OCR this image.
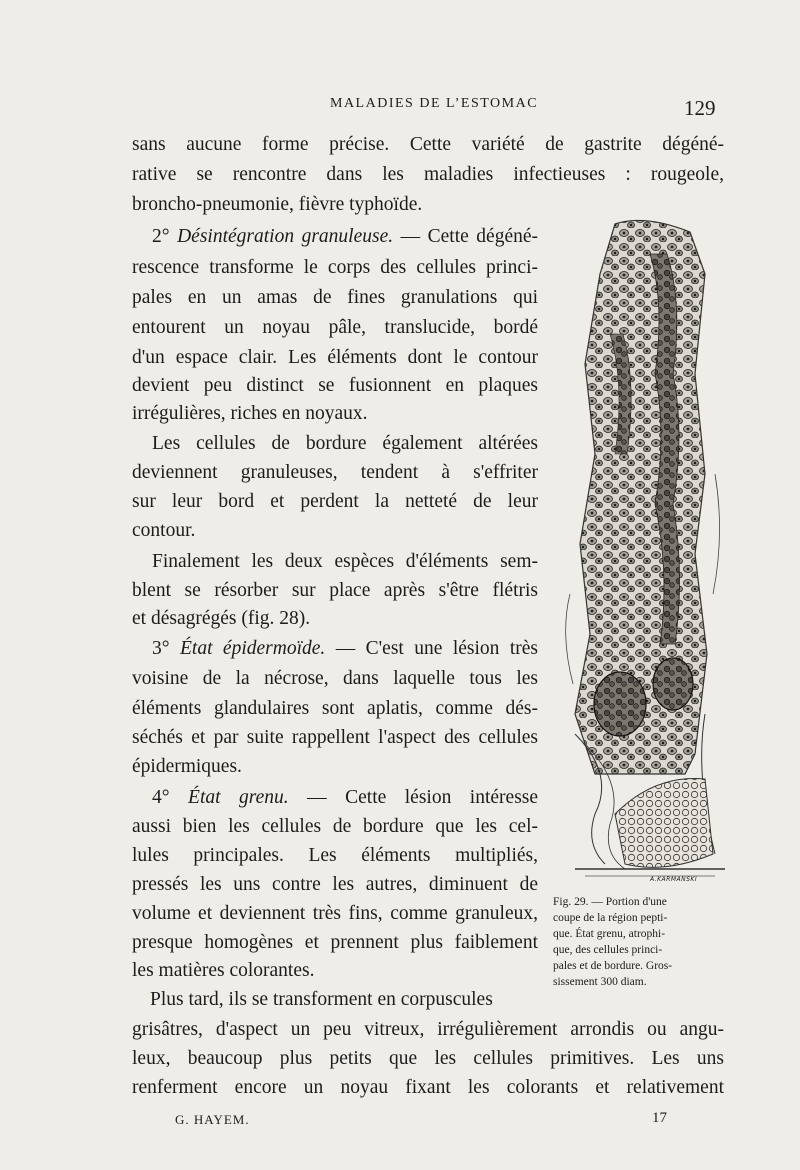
MALADIES DE L’ESTOMAC	129
sans aucune forme précise. Cette variété de gastrite dégéné-
rative se rencontre dans les maladies infectieuses : rougeole,
broncho-pneumonie, fièvre typhoïde.
2° Désintégration granuleuse. — Cette dégéné-
rescence transforme le corps des cellules princi-
pales en un amas de fines granulations qui
entourent un noyau pâle, translucide, bordé
d'un espace clair. Les éléments dont le contour
devient peu distinct se fusionnent en plaques
irrégulières, riches en noyaux.
Les cellules de bordure également altérées
deviennent granuleuses, tendent à s'effriter
sur leur bord et perdent la netteté de leur
contour.
Finalement les deux espèces d'éléments sem-
blent se résorber sur place après s'être flétris
et désagrégés (fig. 28).
3° État épidermoïde. — C'est une lésion très
voisine de la nécrose, dans laquelle tous les
éléments glandulaires sont aplatis, comme dés-
séchés et par suite rappellent l'aspect des cellules
épidermiques.
4° État grenu. — Cette lésion intéresse
aussi bien les cellules de bordure que les cel-
lules principales. Les éléments multipliés,
pressés les uns contre les autres, diminuent de
volume et deviennent très fins, comme granuleux,
presque homogènes et prennent plus faiblement
les matières colorantes.
Plus tard, ils se transforment en corpuscules
grisâtres, d'aspect un peu vitreux, irrégulièrement arrondis ou angu-
leux, beaucoup plus petits que les cellules primitives. Les uns
renferment encore un noyau fixant les colorants et relativement
A.KARMANSKI
Fig. 29. — Portion d'une
coupe de la région pepti-
que. État grenu, atrophi-
que, des cellules princi-
pales et de bordure. Gros-
sissement 300 diam.
G. HAYEM.	17
